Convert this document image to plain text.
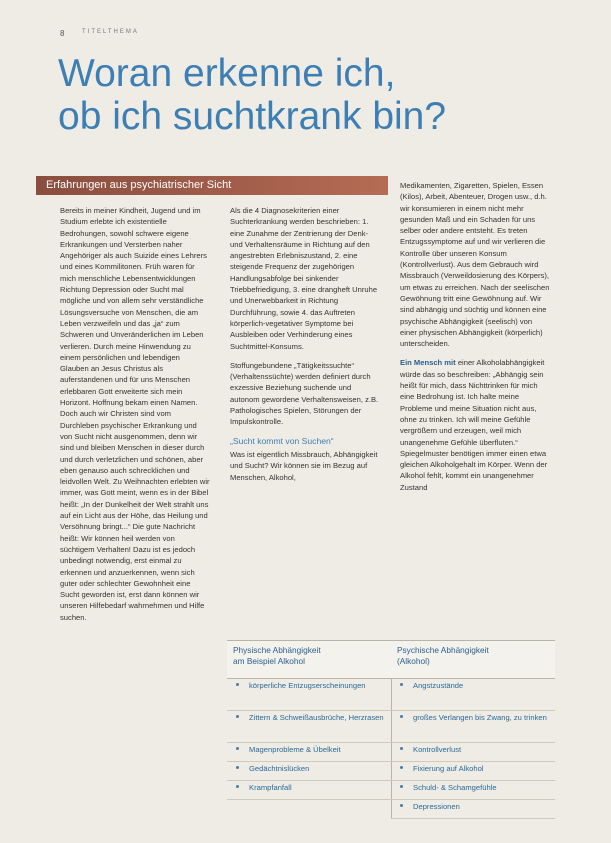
8	TITELTHEMA
Woran erkenne ich,
ob ich suchtkrank bin?
Erfahrungen aus psychiatrischer Sicht

Bereits in meiner Kindheit, Jugend und im Studium erlebte ich existentielle Bedrohungen, sowohl schwere eigene Erkrankungen und Versterben naher Angehöriger als auch Suizide eines Lehrers und eines Kommilitonen. Früh waren für mich menschliche Lebensentwicklungen Richtung Depression oder Sucht mal mögliche und von allem sehr verständliche Lösungsversuche von Menschen, die am Leben verzweifeln und das „ja“ zum Schweren und Unveränderlichen im Leben verlieren. Durch meine Hinwendung zu einem persönlichen und lebendigen Glauben an Jesus Christus als auferstandenen und für uns Menschen erlebbaren Gott erweiterte sich mein Horizont. Hoffnung bekam einen Namen. Doch auch wir Christen sind vom Durchleben psychischer Erkrankung und von Sucht nicht ausgenommen, denn wir sind und bleiben Menschen in dieser durch und durch verletzlichen und schönen, aber eben genauso auch schrecklichen und leidvollen Welt. Zu Weihnachten erlebten wir immer, was Gott meint, wenn es in der Bibel heißt: „In der Dunkelheit der Welt strahlt uns auf ein Licht aus der Höhe, das Heilung und Versöhnung bringt...“ Die gute Nachricht heißt: Wir können heil werden von süchtigem Verhalten! Dazu ist es jedoch unbedingt notwendig, erst einmal zu erkennen und anzuerkennen, wenn sich guter oder schlechter Gewohnheit eine Sucht geworden ist, erst dann können wir unseren Hilfebedarf wahrnehmen und Hilfe suchen.

Als die 4 Diagnosekriterien einer Suchterkrankung werden beschrieben: 1. eine Zunahme der Zentrierung der Denk- und Verhaltensräume in Richtung auf den angestrebten Erlebniszustand, 2. eine steigende Frequenz der zugehörigen Handlungsabfolge bei sinkender Triebbefriedigung, 3. eine drangheft Unruhe und Unerwebbarkeit in Richtung Durchführung, sowie 4. das Auftreten körperlich-vegetativer Symptome bei Ausbleiben oder Verhinderung eines Suchtmittel-Konsums.

Stoffungebundene „Tätigkeitssuchte“ (Verhaltenssüchte) werden definiert durch exzessive Beziehung suchende und autonom gewordene Verhaltensweisen, z.B. Pathologisches Spielen, Störungen der Impulskontrolle.

„Sucht kommt von Suchen“

Was ist eigentlich Missbrauch, Abhängigkeit und Sucht? Wir können sie im Bezug auf Menschen, Alkohol,

Medikamenten, Zigaretten, Spielen, Essen (Kilos), Arbeit, Abenteuer, Drogen usw., d.h. wir konsumieren in einem nicht mehr gesunden Maß und ein Schaden für uns selber oder andere entsteht. Es treten Entzugssymptome auf und wir verlieren die Kontrolle über unseren Konsum (Kontrollverlust). Aus dem Gebrauch wird Missbrauch (Verweildosierung des Körpers), um etwas zu erreichen. Nach der seelischen Gewöhnung tritt eine Gewöhnung auf. Wir sind abhängig und süchtig und können eine psychische Abhängigkeit (seelisch) von einer physischen Abhängigkeit (körperlich) unterscheiden.

Ein Mensch mit einer Alkoholabhängigkeit würde das so beschreiben: „Abhängig sein heißt für mich, dass Nichttrinken für mich eine Bedrohung ist. Ich halte meine Probleme und meine Situation nicht aus, ohne zu trinken. Ich will meine Gefühle vergrößern und erzeugen, weil mich unangenehme Gefühle überfluten.“ Spiegelmuster benötigen immer einen etwa gleichen Alkoholgehalt im Körper. Wenn der Alkohol fehlt, kommt ein unangenehmer Zustand

Physische Abhängigkeit
am Beispiel Alkohol
körperliche Entzugserscheinungen
Zittern & Schweißausbrüche, Herzrasen
Magenprobleme & Übelkeit
Gedächtnislücken
Krampfanfall
Psychische Abhängigkeit
(Alkohol)
Angstzustände
großes Verlangen bis Zwang, zu trinken
Kontrollverlust
Fixierung auf Alkohol
Schuld- & Schamgefühle
Depressionen
